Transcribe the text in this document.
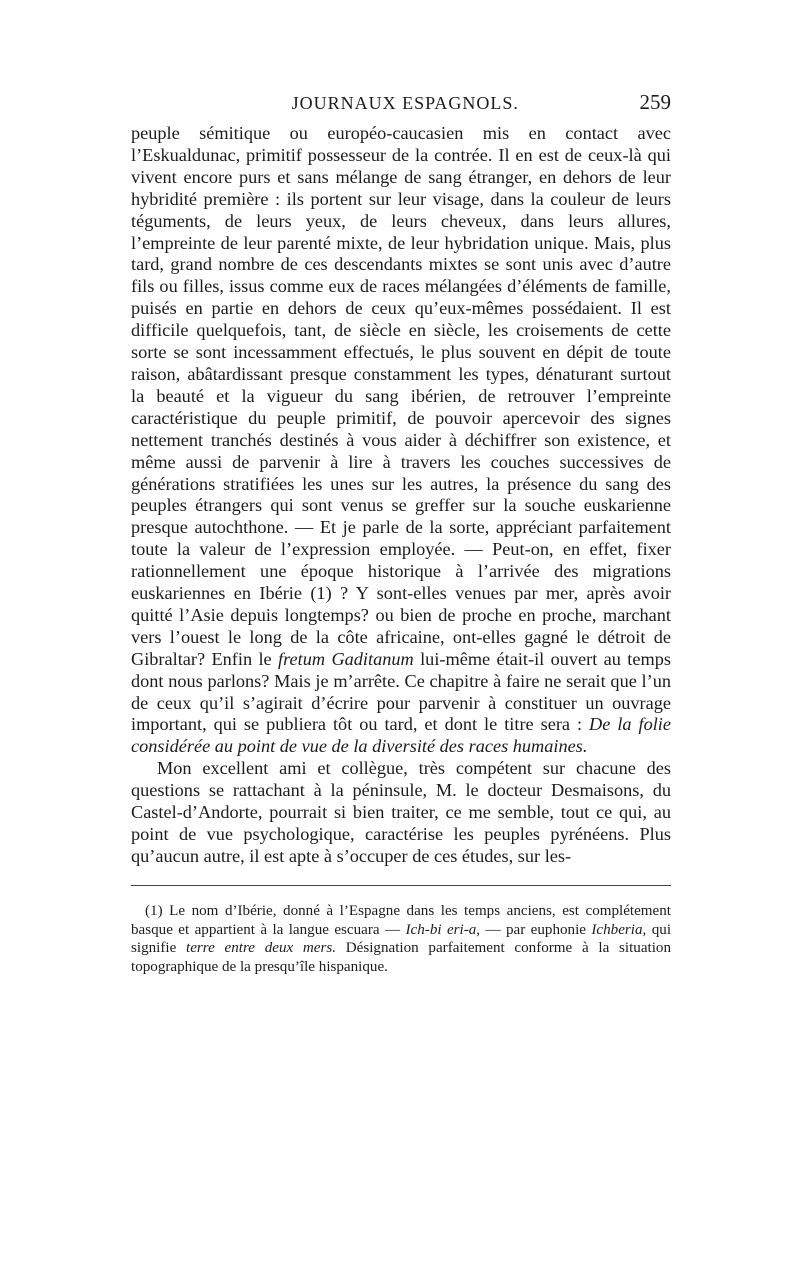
JOURNAUX ESPAGNOLS.	259

peuple sémitique ou européo-caucasien mis en contact avec l’Eskualdunac, primitif possesseur de la contrée. Il en est de ceux-là qui vivent encore purs et sans mélange de sang étranger, en dehors de leur hybridité première : ils portent sur leur visage, dans la couleur de leurs téguments, de leurs yeux, de leurs cheveux, dans leurs allures, l’empreinte de leur parenté mixte, de leur hybridation unique. Mais, plus tard, grand nombre de ces descendants mixtes se sont unis avec d’autre fils ou filles, issus comme eux de races mélangées d’éléments de famille, puisés en partie en dehors de ceux qu’eux-mêmes possédaient. Il est difficile quelquefois, tant, de siècle en siècle, les croisements de cette sorte se sont incessamment effectués, le plus souvent en dépit de toute raison, abâtardissant presque constamment les types, dénaturant surtout la beauté et la vigueur du sang ibérien, de retrouver l’empreinte caractéristique du peuple primitif, de pouvoir apercevoir des signes nettement tranchés destinés à vous aider à déchiffrer son existence, et même aussi de parvenir à lire à travers les couches successives de générations stratifiées les unes sur les autres, la présence du sang des peuples étrangers qui sont venus se greffer sur la souche euskarienne presque autochthone. — Et je parle de la sorte, appréciant parfaitement toute la valeur de l’expression employée. — Peut-on, en effet, fixer rationnellement une époque historique à l’arrivée des migrations euskariennes en Ibérie (1) ? Y sont-elles venues par mer, après avoir quitté l’Asie depuis longtemps? ou bien de proche en proche, marchant vers l’ouest le long de la côte africaine, ont-elles gagné le détroit de Gibraltar? Enfin le fretum Gaditanum lui-même était-il ouvert au temps dont nous parlons? Mais je m’arrête. Ce chapitre à faire ne serait que l’un de ceux qu’il s’agirait d’écrire pour parvenir à constituer un ouvrage important, qui se publiera tôt ou tard, et dont le titre sera : De la folie considérée au point de vue de la diversité des races humaines.

Mon excellent ami et collègue, très compétent sur chacune des questions se rattachant à la péninsule, M. le docteur Desmaisons, du Castel-d’Andorte, pourrait si bien traiter, ce me semble, tout ce qui, au point de vue psychologique, caractérise les peuples pyrénéens. Plus qu’aucun autre, il est apte à s’occuper de ces études, sur les-

(1) Le nom d’Ibérie, donné à l’Espagne dans les temps anciens, est complétement basque et appartient à la langue escuara — Ich-bi eri-a, — par euphonie Ichberia, qui signifie terre entre deux mers. Désignation parfaitement conforme à la situation topographique de la presqu’île hispanique.
